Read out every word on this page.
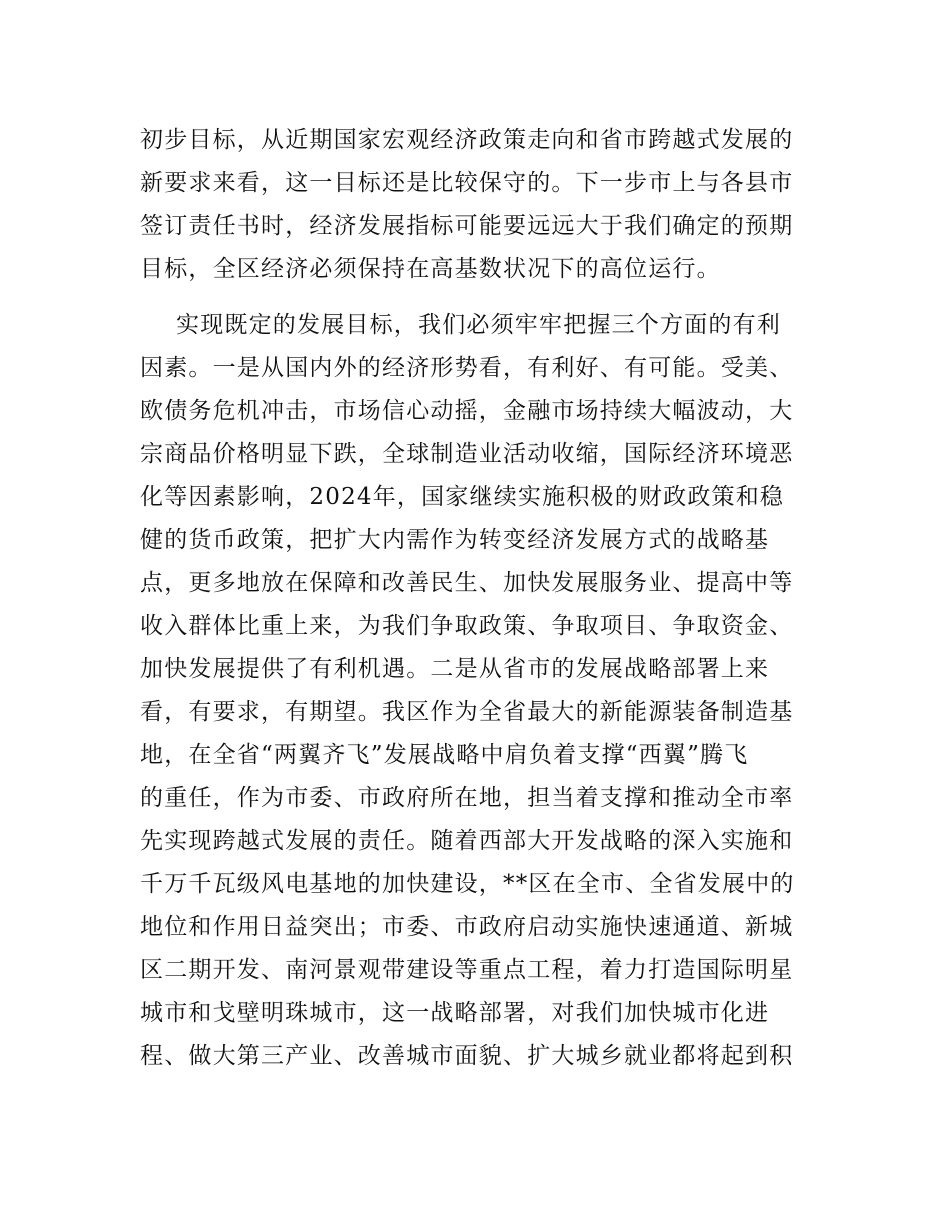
初步目标，从近期国家宏观经济政策走向和省市跨越式发展的
新要求来看，这一目标还是比较保守的。下一步市上与各县市
签订责任书时，经济发展指标可能要远远大于我们确定的预期
目标，全区经济必须保持在高基数状况下的高位运行。
实现既定的发展目标，我们必须牢牢把握三个方面的有利
因素。一是从国内外的经济形势看，有利好、有可能。受美、
欧债务危机冲击，市场信心动摇，金融市场持续大幅波动，大
宗商品价格明显下跌，全球制造业活动收缩，国际经济环境恶
化等因素影响，2024年，国家继续实施积极的财政政策和稳
健的货币政策，把扩大内需作为转变经济发展方式的战略基
点，更多地放在保障和改善民生、加快发展服务业、提高中等
收入群体比重上来，为我们争取政策、争取项目、争取资金、
加快发展提供了有利机遇。二是从省市的发展战略部署上来
看，有要求，有期望。我区作为全省最大的新能源装备制造基
地，在全省“两翼齐飞”发展战略中肩负着支撑“西翼”腾飞
的重任，作为市委、市政府所在地，担当着支撑和推动全市率
先实现跨越式发展的责任。随着西部大开发战略的深入实施和
千万千瓦级风电基地的加快建设，**区在全市、全省发展中的
地位和作用日益突出；市委、市政府启动实施快速通道、新城
区二期开发、南河景观带建设等重点工程，着力打造国际明星
城市和戈壁明珠城市，这一战略部署，对我们加快城市化进
程、做大第三产业、改善城市面貌、扩大城乡就业都将起到积
